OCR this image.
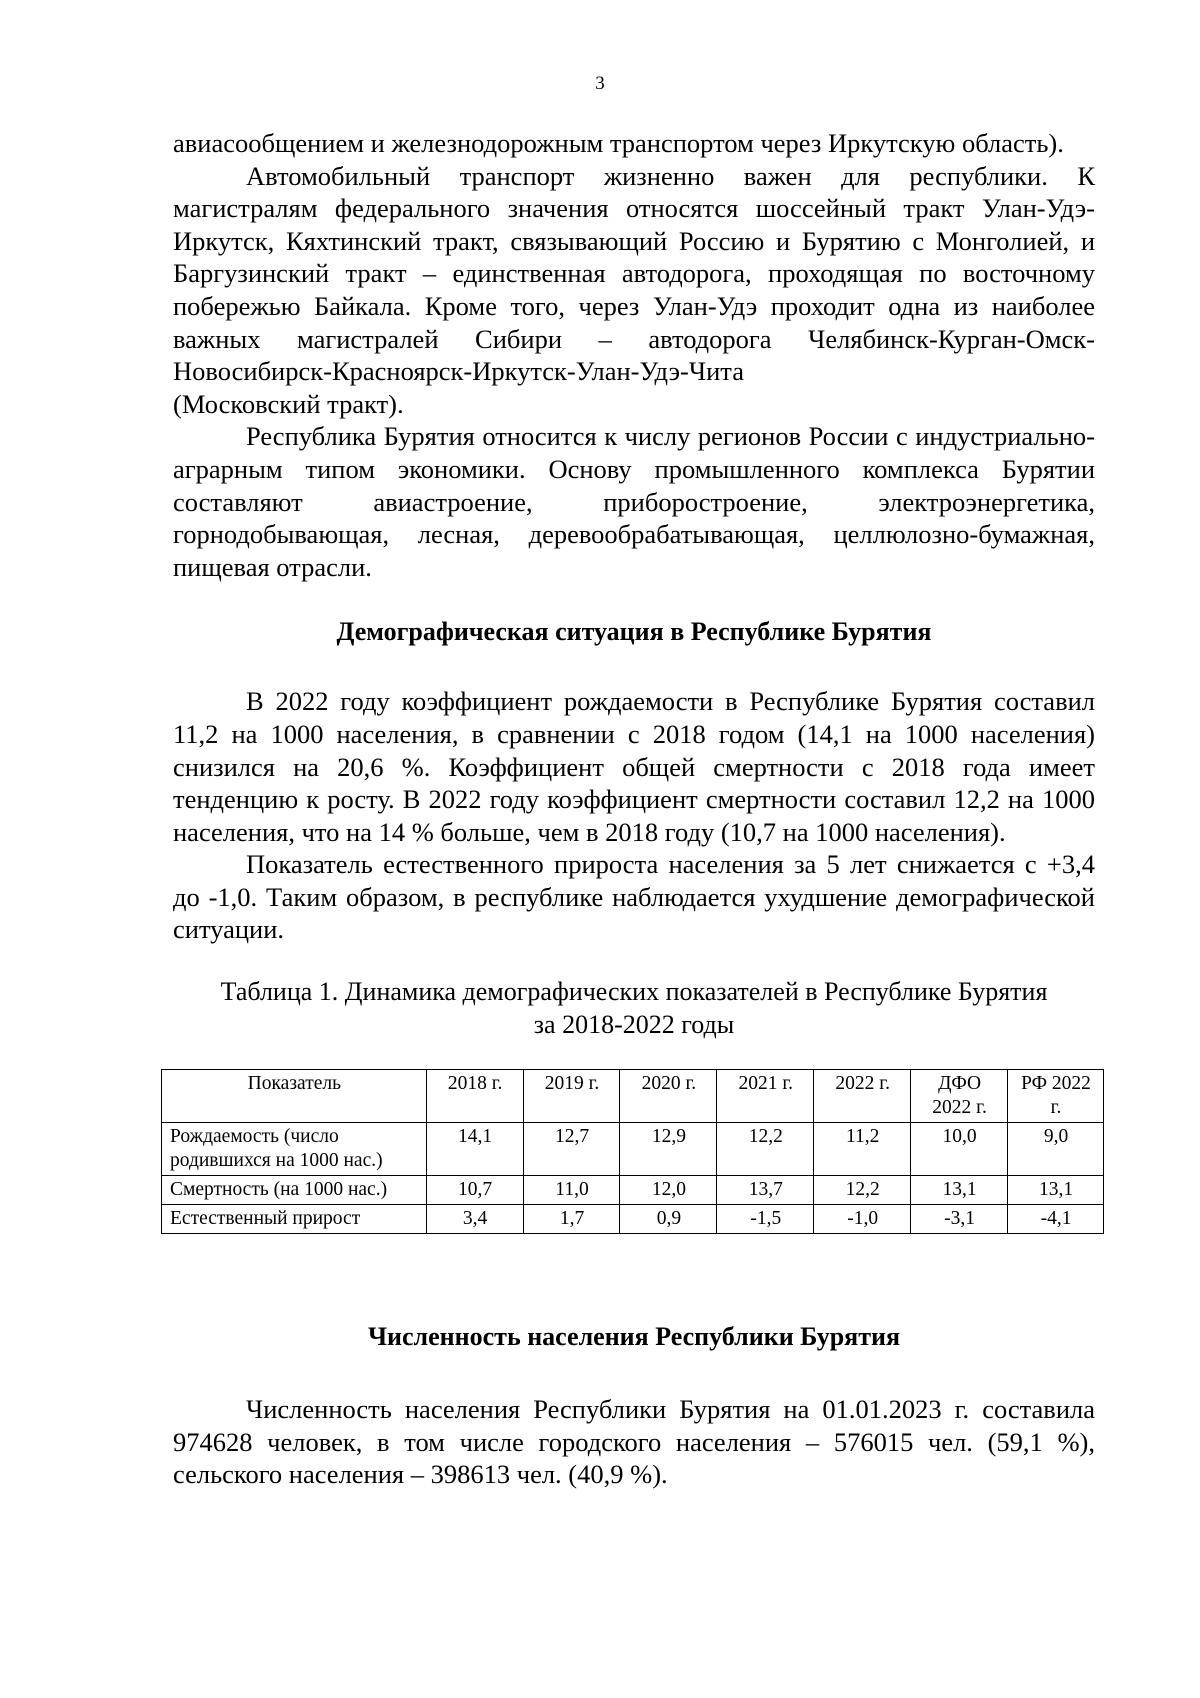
3

авиасообщением и железнодорожным транспортом через Иркутскую область).

Автомобильный транспорт жизненно важен для республики. К магистралям федерального значения относятся шоссейный тракт Улан-Удэ-Иркутск, Кяхтинский тракт, связывающий Россию и Бурятию с Монголией, и Баргузинский тракт – единственная автодорога, проходящая по восточному побережью Байкала. Кроме того, через Улан-Удэ проходит одна из наиболее важных магистралей Сибири – автодорога Челябинск-Курган-Омск-Новосибирск-Красноярск-Иркутск-Улан-Удэ-Чита

(Московский тракт).

Республика Бурятия относится к числу регионов России с индустриально-аграрным типом экономики. Основу промышленного комплекса Бурятии составляют авиастроение, приборостроение, электроэнергетика, горнодобывающая, лесная, деревообрабатывающая, целлюлозно-бумажная, пищевая отрасли.

Демографическая ситуация в Республике Бурятия

В 2022 году коэффициент рождаемости в Республике Бурятия составил 11,2 на 1000 населения, в сравнении с 2018 годом (14,1 на 1000 населения) снизился на 20,6 %. Коэффициент общей смертности с 2018 года имеет тенденцию к росту. В 2022 году коэффициент смертности составил 12,2 на 1000 населения, что на 14 % больше, чем в 2018 году (10,7 на 1000 населения).

Показатель естественного прироста населения за 5 лет снижается с +3,4 до -1,0. Таким образом, в республике наблюдается ухудшение демографической ситуации.

Таблица 1. Динамика демографических показателей в Республике Бурятия
за 2018-2022 годы
Показатель	2018 г.	2019 г.	2020 г.	2021 г.	2022 г.	ДФО 2022 г.	РФ 2022 г.
Рождаемость (число родившихся на 1000 нас.)	14,1	12,7	12,9	12,2	11,2	10,0	9,0
Смертность (на 1000 нас.)	10,7	11,0	12,0	13,7	12,2	13,1	13,1
Естественный прирост	3,4	1,7	0,9	-1,5	-1,0	-3,1	-4,1
Численность населения Республики Бурятия

Численность населения Республики Бурятия на 01.01.2023 г. составила 974628 человек, в том числе городского населения – 576015 чел. (59,1 %), сельского населения – 398613 чел. (40,9 %).
